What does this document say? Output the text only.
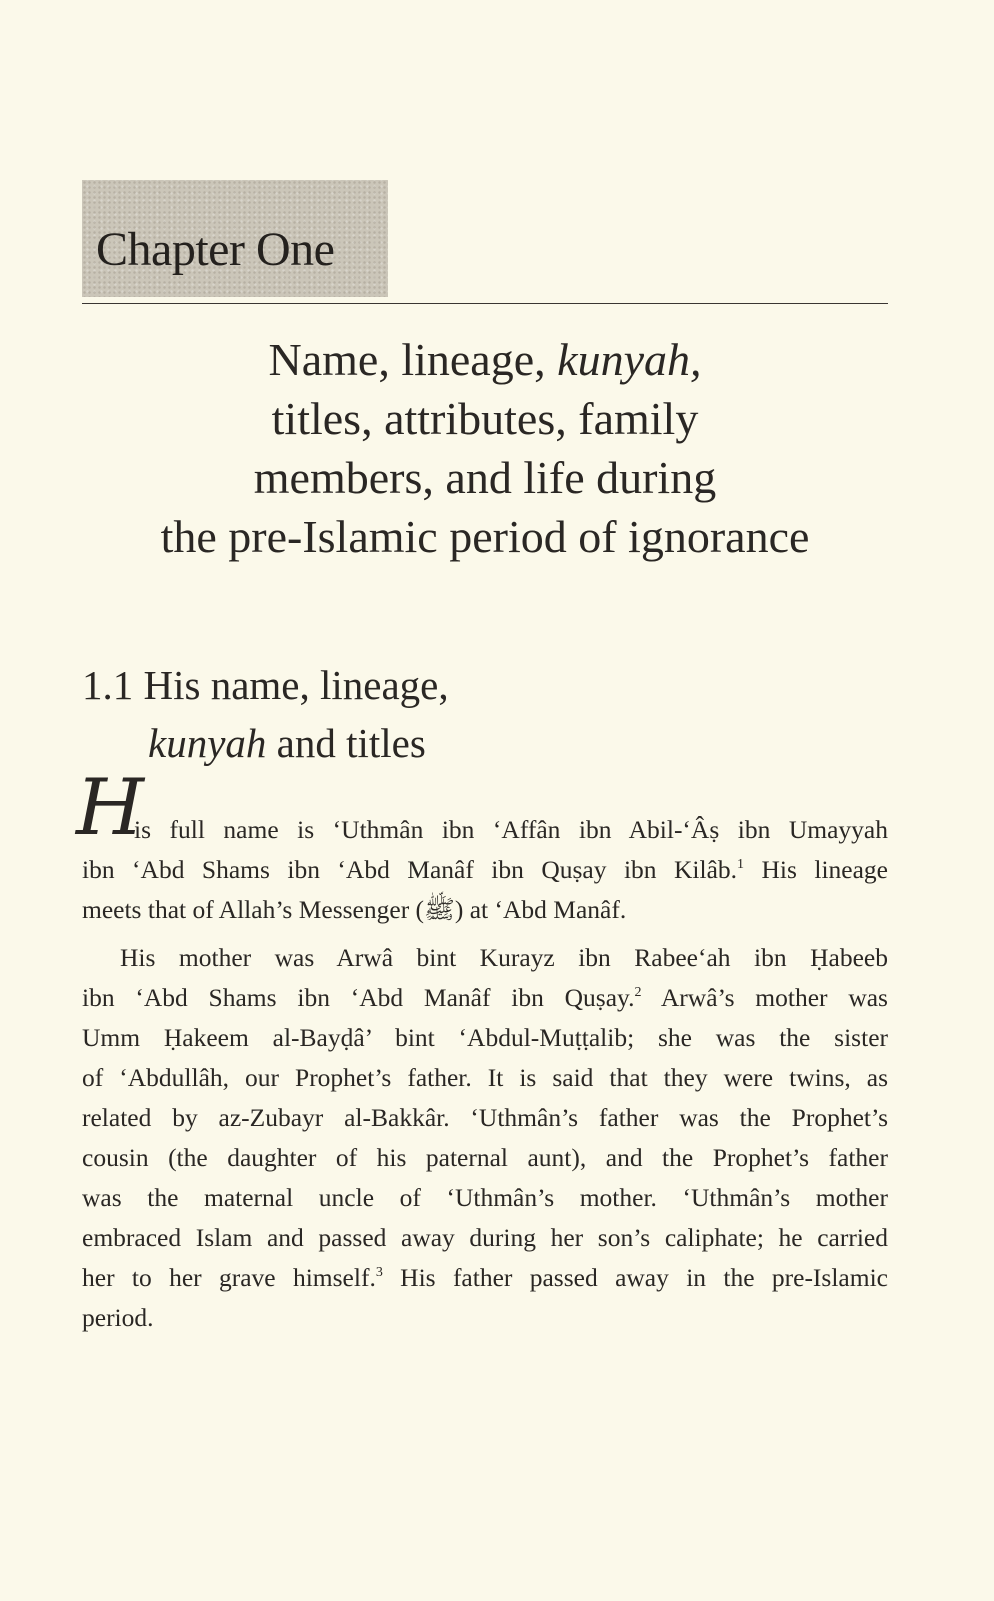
Chapter One
Name, lineage, kunyah,
titles, attributes, family
members, and life during
the pre-Islamic period of ignorance
1.1 His name, lineage,
kunyah and titles
H
is full name is ‘Uthmân ibn ‘Affân ibn Abil-‘Âṣ ibn Umayyah
ibn ‘Abd Shams ibn ‘Abd Manâf ibn Quṣay ibn Kilâb.$^1$ His lineage
meets that of Allah’s Messenger (ﷺ) at ‘Abd Manâf.
His mother was Arwâ bint Kurayz ibn Rabee‘ah ibn Ḥabeeb
ibn ‘Abd Shams ibn ‘Abd Manâf ibn Quṣay.$^2$ Arwâ’s mother was
Umm Ḥakeem al-Bayḍâ’ bint ‘Abdul-Muṭṭalib; she was the sister
of ‘Abdullâh, our Prophet’s father. It is said that they were twins, as
related by az-Zubayr al-Bakkâr. ‘Uthmân’s father was the Prophet’s
cousin (the daughter of his paternal aunt), and the Prophet’s father
was the maternal uncle of ‘Uthmân’s mother. ‘Uthmân’s mother
embraced Islam and passed away during her son’s caliphate; he carried
her to her grave himself.$^3$ His father passed away in the pre-Islamic
period.
